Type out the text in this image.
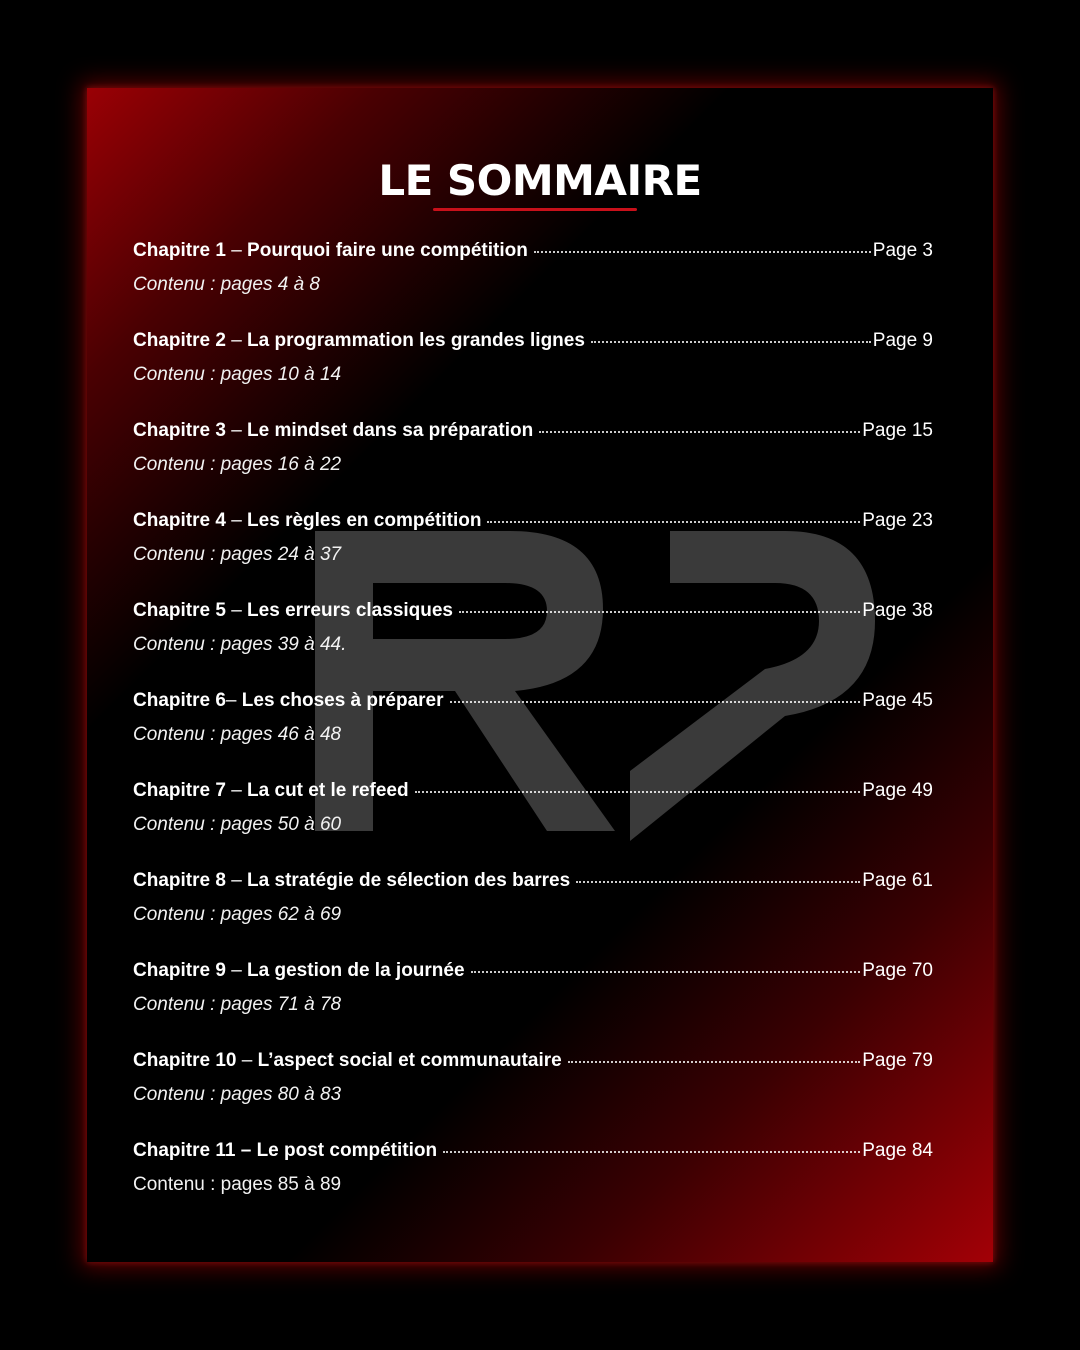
LE SOMMAIRE
Chapitre 1 – Pourquoi faire une compétition	Page 3
Contenu : pages 4 à 8
Chapitre 2 – La programmation les grandes lignes	Page 9
Contenu : pages 10 à 14
Chapitre 3 – Le mindset dans sa préparation	Page 15
Contenu : pages 16 à 22
Chapitre 4 – Les règles en compétition	Page 23
Contenu : pages 24 à 37
Chapitre 5 – Les erreurs classiques	Page 38
Contenu : pages 39 à 44.
Chapitre 6 – Les choses à préparer	Page 45
Contenu : pages 46 à 48
Chapitre 7 – La cut et le refeed	Page 49
Contenu : pages 50 à 60
Chapitre 8 – La stratégie de sélection des barres	Page 61
Contenu : pages 62 à 69
Chapitre 9 – La gestion de la journée	Page 70
Contenu : pages 71 à 78
Chapitre 10 – L’aspect social et communautaire	Page 79
Contenu : pages 80 à 83
Chapitre 11 – Le post compétition	Page 84
Contenu : pages 85 à 89
